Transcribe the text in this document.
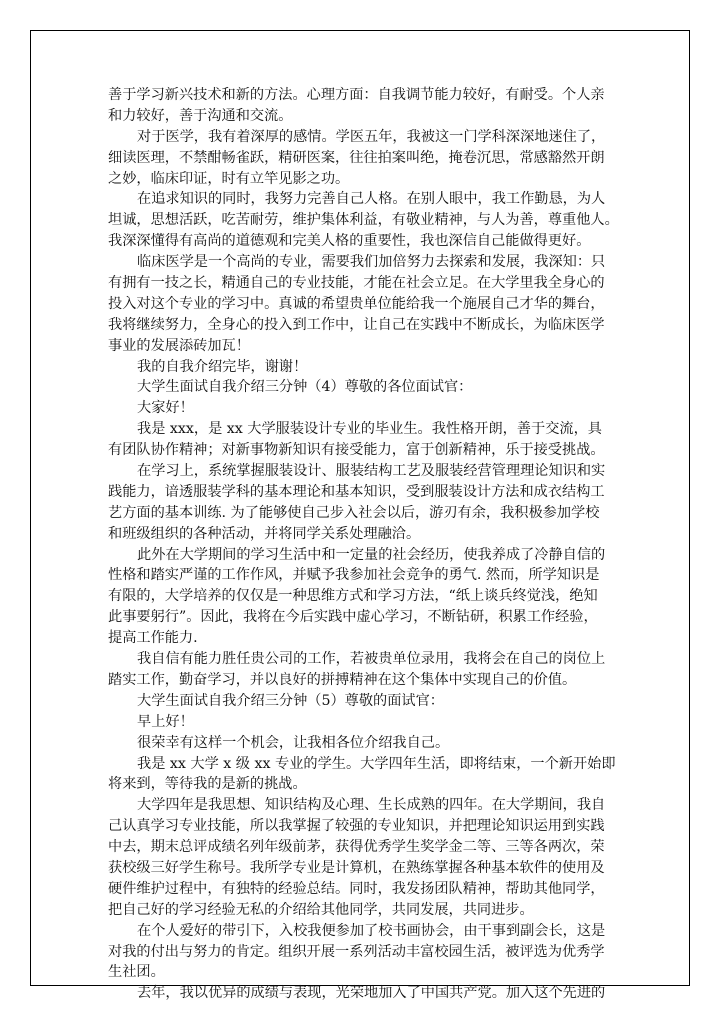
善于学习新兴技术和新的方法。心理方面：自我调节能力较好，有耐受。个人亲
和力较好，善于沟通和交流。
对于医学，我有着深厚的感情。学医五年，我被这一门学科深深地迷住了，
细读医理，不禁酣畅雀跃，精研医案，往往拍案叫绝，掩卷沉思，常感豁然开朗
之妙，临床印证，时有立竿见影之功。
在追求知识的同时，我努力完善自己人格。在别人眼中，我工作勤恳，为人
坦诚，思想活跃，吃苦耐劳，维护集体利益，有敬业精神，与人为善，尊重他人。
我深深懂得有高尚的道德观和完美人格的重要性，我也深信自己能做得更好。
临床医学是一个高尚的专业，需要我们加倍努力去探索和发展，我深知：只
有拥有一技之长，精通自己的专业技能，才能在社会立足。在大学里我全身心的
投入对这个专业的学习中。真诚的希望贵单位能给我一个施展自己才华的舞台，
我将继续努力，全身心的投入到工作中，让自己在实践中不断成长，为临床医学
事业的发展添砖加瓦！
我的自我介绍完毕，谢谢！
大学生面试自我介绍三分钟（4）尊敬的各位面试官：
大家好！
我是 xxx，是 xx 大学服装设计专业的毕业生。我性格开朗，善于交流，具
有团队协作精神；对新事物新知识有接受能力，富于创新精神，乐于接受挑战。
在学习上，系统掌握服装设计、服装结构工艺及服装经营管理理论知识和实
践能力，谙透服装学科的基本理论和基本知识，受到服装设计方法和成衣结构工
艺方面的基本训练. 为了能够使自己步入社会以后，游刃有余，我积极参加学校
和班级组织的各种活动，并将同学关系处理融洽。
此外在大学期间的学习生活中和一定量的社会经历，使我养成了冷静自信的
性格和踏实严谨的工作作风，并赋予我参加社会竞争的勇气. 然而，所学知识是
有限的，大学培养的仅仅是一种思维方式和学习方法，“纸上谈兵终觉浅，绝知
此事要躬行”。因此，我将在今后实践中虚心学习，不断钻研，积累工作经验，
提高工作能力.
我自信有能力胜任贵公司的工作，若被贵单位录用，我将会在自己的岗位上
踏实工作，勤奋学习，并以良好的拼搏精神在这个集体中实现自己的价值。
大学生面试自我介绍三分钟（5）尊敬的面试官：
早上好！
很荣幸有这样一个机会，让我相各位介绍我自己。
我是 xx 大学 x 级 xx 专业的学生。大学四年生活，即将结束，一个新开始即
将来到，等待我的是新的挑战。
大学四年是我思想、知识结构及心理、生长成熟的四年。在大学期间，我自
己认真学习专业技能，所以我掌握了较强的专业知识，并把理论知识运用到实践
中去，期末总评成绩名列年级前茅，获得优秀学生奖学金二等、三等各两次，荣
获校级三好学生称号。我所学专业是计算机，在熟练掌握各种基本软件的使用及
硬件维护过程中，有独特的经验总结。同时，我发扬团队精神，帮助其他同学，
把自己好的学习经验无私的介绍给其他同学，共同发展，共同进步。
在个人爱好的带引下，入校我便参加了校书画协会，由干事到副会长，这是
对我的付出与努力的肯定。组织开展一系列活动丰富校园生活，被评选为优秀学
生社团。
去年，我以优异的成绩与表现，光荣地加入了中国共产党。加入这个先进的
